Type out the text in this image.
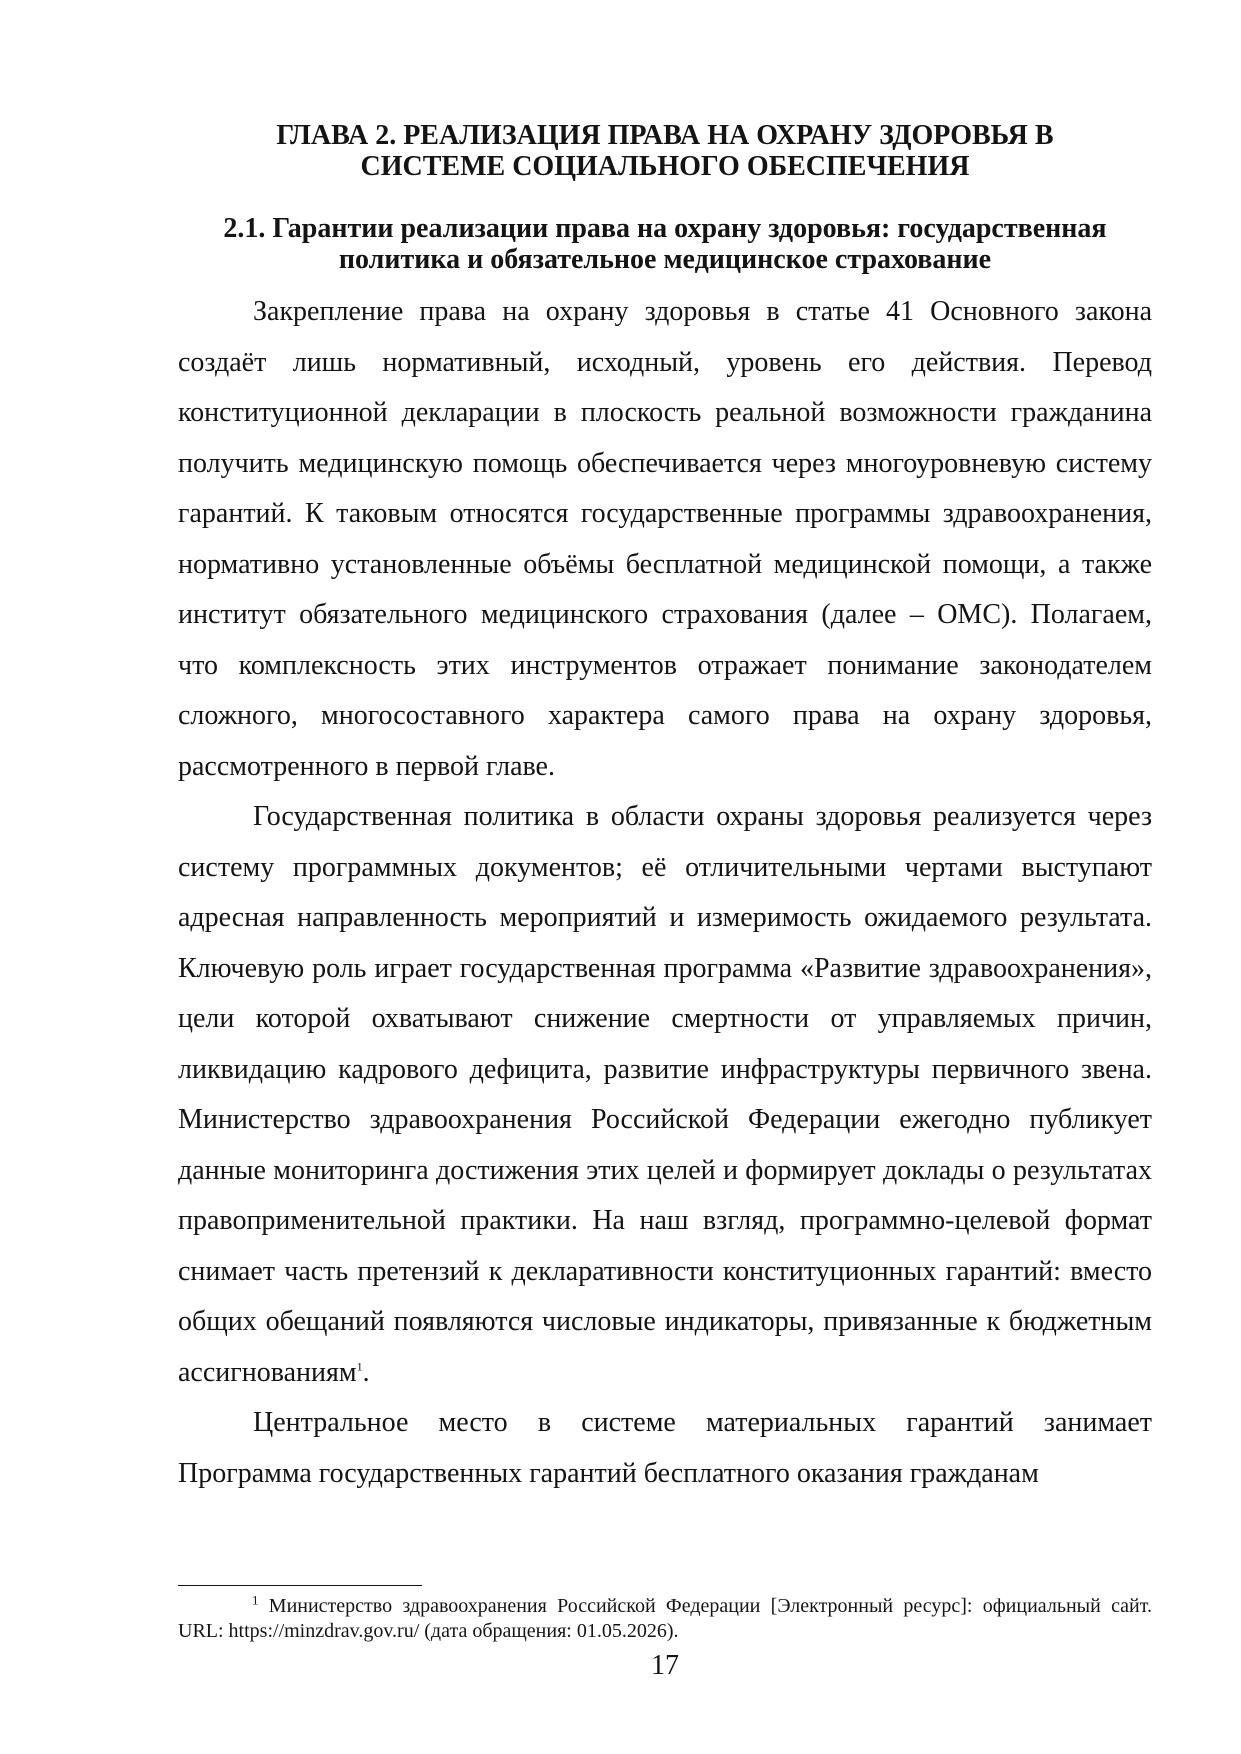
ГЛАВА 2. РЕАЛИЗАЦИЯ ПРАВА НА ОХРАНУ ЗДОРОВЬЯ В
СИСТЕМЕ СОЦИАЛЬНОГО ОБЕСПЕЧЕНИЯ
2.1. Гарантии реализации права на охрану здоровья: государственная
политика и обязательное медицинское страхование

Закрепление права на охрану здоровья в статье 41 Основного закона создаёт лишь нормативный, исходный, уровень его действия. Перевод конституционной декларации в плоскость реальной возможности гражданина получить медицинскую помощь обеспечивается через многоуровневую систему гарантий. К таковым относятся государственные программы здравоохранения, нормативно установленные объёмы бесплатной медицинской помощи, а также институт обязательного медицинского страхования (далее – ОМС). Полагаем, что комплексность этих инструментов отражает понимание законодателем сложного, многосоставного характера самого права на охрану здоровья, рассмотренного в первой главе.

Государственная политика в области охраны здоровья реализуется через систему программных документов; её отличительными чертами выступают адресная направленность мероприятий и измеримость ожидаемого результата. Ключевую роль играет государственная программа «Развитие здравоохранения», цели которой охватывают снижение смертности от управляемых причин, ликвидацию кадрового дефицита, развитие инфраструктуры первичного звена. Министерство здравоохранения Российской Федерации ежегодно публикует данные мониторинга достижения этих целей и формирует доклады о результатах правоприменительной практики. На наш взгляд, программно-целевой формат снимает часть претензий к декларативности конституционных гарантий: вместо общих обещаний появляются числовые индикаторы, привязанные к бюджетным ассигнованиям$^1$.

Центральное место в системе материальных гарантий занимает Программа государственных гарантий бесплатного оказания гражданам

$^1$ Министерство здравоохранения Российской Федерации [Электронный ресурс]: официальный сайт. URL: https://minzdrav.gov.ru/ (дата обращения: 01.05.2026).

17
